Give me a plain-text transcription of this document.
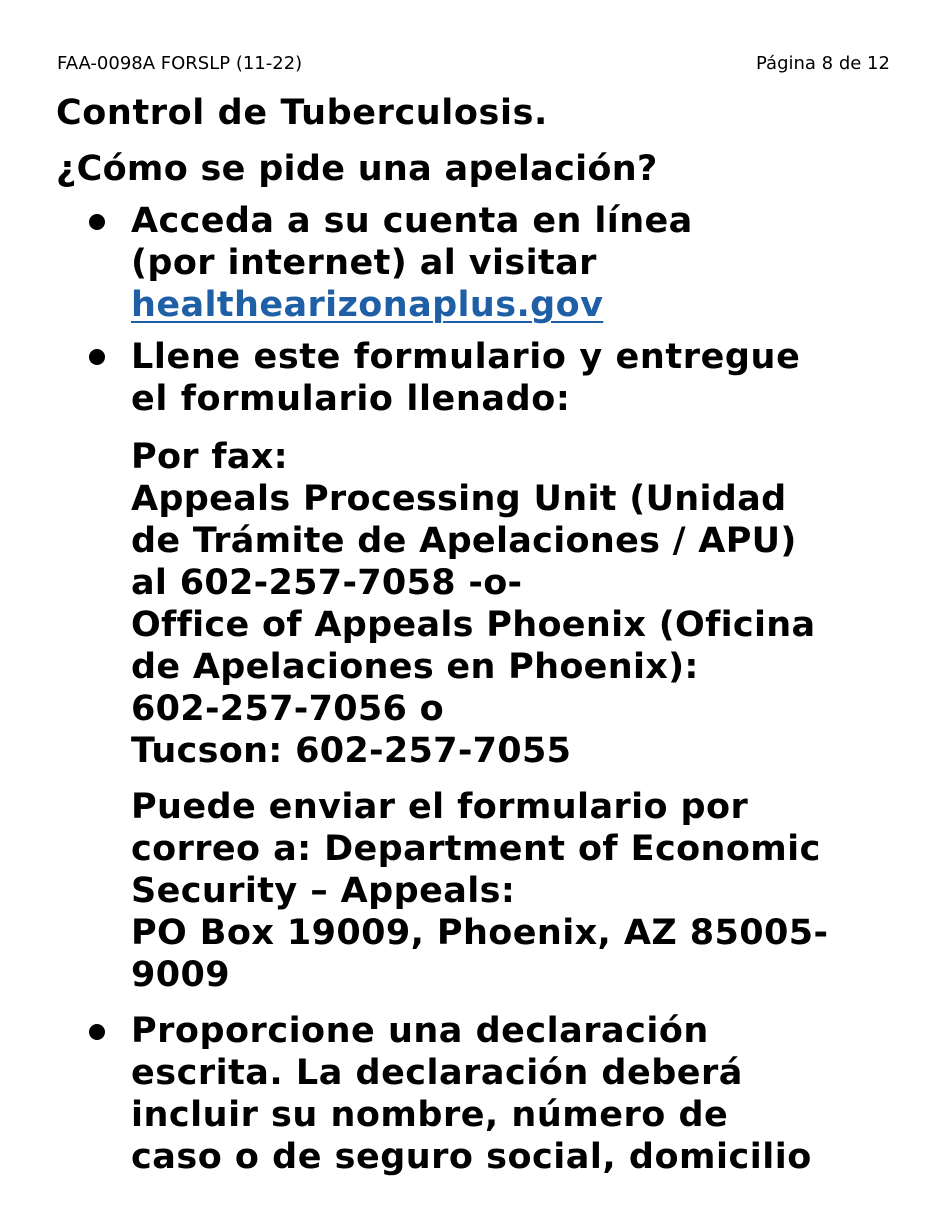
FAA-0098A FORSLP (11-22)	Página 8 de 12
Control de Tuberculosis.
¿Cómo se pide una apelación?
Acceda a su cuenta en línea
(por internet) al visitar
healthearizonaplus.gov
Llene este formulario y entregue
el formulario llenado:
Por fax:
Appeals Processing Unit (Unidad
de Trámite de Apelaciones / APU)
al 602-257-7058 -o-
Office of Appeals Phoenix (Oficina
de Apelaciones en Phoenix):
602-257-7056 o
Tucson: 602-257-7055
Puede enviar el formulario por
correo a: Department of Economic
Security – Appeals:
PO Box 19009, Phoenix, AZ 85005-
9009
Proporcione una declaración
escrita. La declaración deberá
incluir su nombre, número de
caso o de seguro social, domicilio
